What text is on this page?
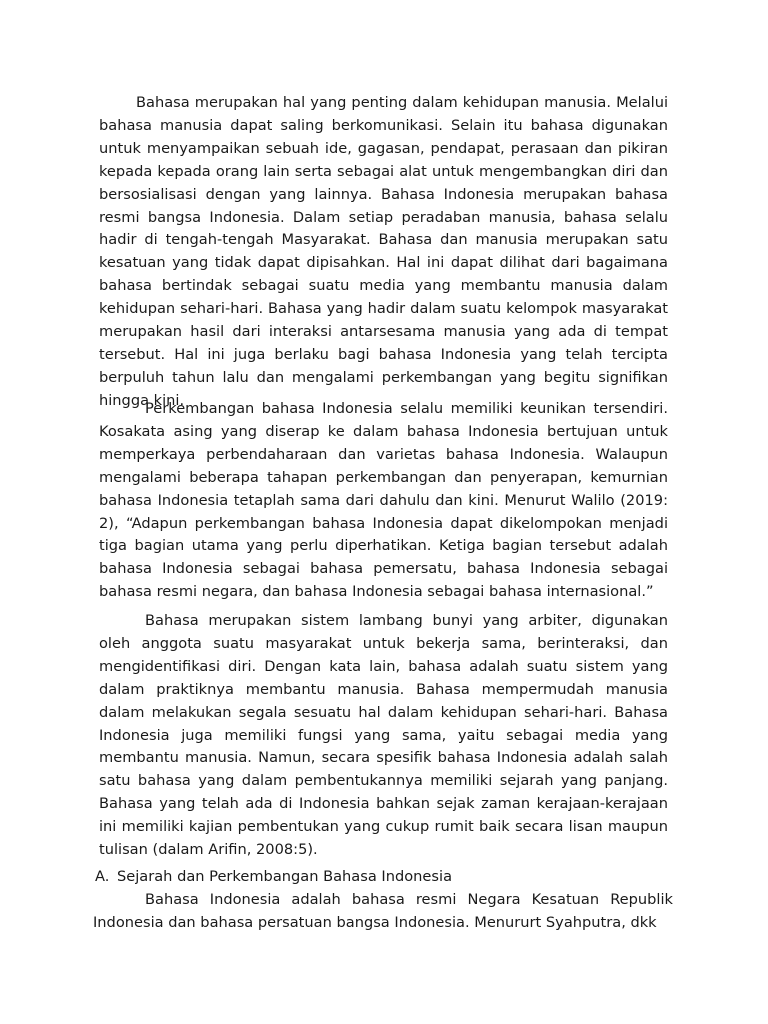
Bahasa merupakan hal yang penting dalam kehidupan manusia. Melalui bahasa manusia dapat saling berkomunikasi. Selain itu bahasa digunakan untuk menyampaikan sebuah ide, gagasan, pendapat, perasaan dan pikiran kepada kepada orang lain serta sebagai alat untuk mengembangkan diri dan bersosialisasi dengan yang lainnya. Bahasa Indonesia merupakan bahasa resmi bangsa Indonesia. Dalam setiap peradaban manusia, bahasa selalu hadir di tengah-tengah Masyarakat. Bahasa dan manusia merupakan satu kesatuan yang tidak dapat dipisahkan. Hal ini dapat dilihat dari bagaimana bahasa bertindak sebagai suatu media yang membantu manusia dalam kehidupan sehari-hari. Bahasa yang hadir dalam suatu kelompok masyarakat merupakan hasil dari interaksi antarsesama manusia yang ada di tempat tersebut. Hal ini juga berlaku bagi bahasa Indonesia yang telah tercipta berpuluh tahun lalu dan mengalami perkembangan yang begitu signifikan hingga kini.

Perkembangan bahasa Indonesia selalu memiliki keunikan tersendiri. Kosakata asing yang diserap ke dalam bahasa Indonesia bertujuan untuk memperkaya perbendaharaan dan varietas bahasa Indonesia. Walaupun mengalami beberapa tahapan perkembangan dan penyerapan, kemurnian bahasa Indonesia tetaplah sama dari dahulu dan kini. Menurut Walilo (2019: 2), “Adapun perkembangan bahasa Indonesia dapat dikelompokan menjadi tiga bagian utama yang perlu diperhatikan. Ketiga bagian tersebut adalah bahasa Indonesia sebagai bahasa pemersatu, bahasa Indonesia sebagai bahasa resmi negara, dan bahasa Indonesia sebagai bahasa internasional.”

Bahasa merupakan sistem lambang bunyi yang arbiter, digunakan oleh anggota suatu masyarakat untuk bekerja sama, berinteraksi, dan mengidentifikasi diri. Dengan kata lain, bahasa adalah suatu sistem yang dalam praktiknya membantu manusia. Bahasa mempermudah manusia dalam melakukan segala sesuatu hal dalam kehidupan sehari-hari. Bahasa Indonesia juga memiliki fungsi yang sama, yaitu sebagai media yang membantu manusia. Namun, secara spesifik bahasa Indonesia adalah salah satu bahasa yang dalam pembentukannya memiliki sejarah yang panjang. Bahasa yang telah ada di Indonesia bahkan sejak zaman kerajaan-kerajaan ini memiliki kajian pembentukan yang cukup rumit baik secara lisan maupun tulisan (dalam Arifin, 2008:5).

A. Sejarah dan Perkembangan Bahasa Indonesia

Bahasa Indonesia adalah bahasa resmi Negara Kesatuan Republik Indonesia dan bahasa persatuan bangsa Indonesia. Menururt Syahputra, dkk
